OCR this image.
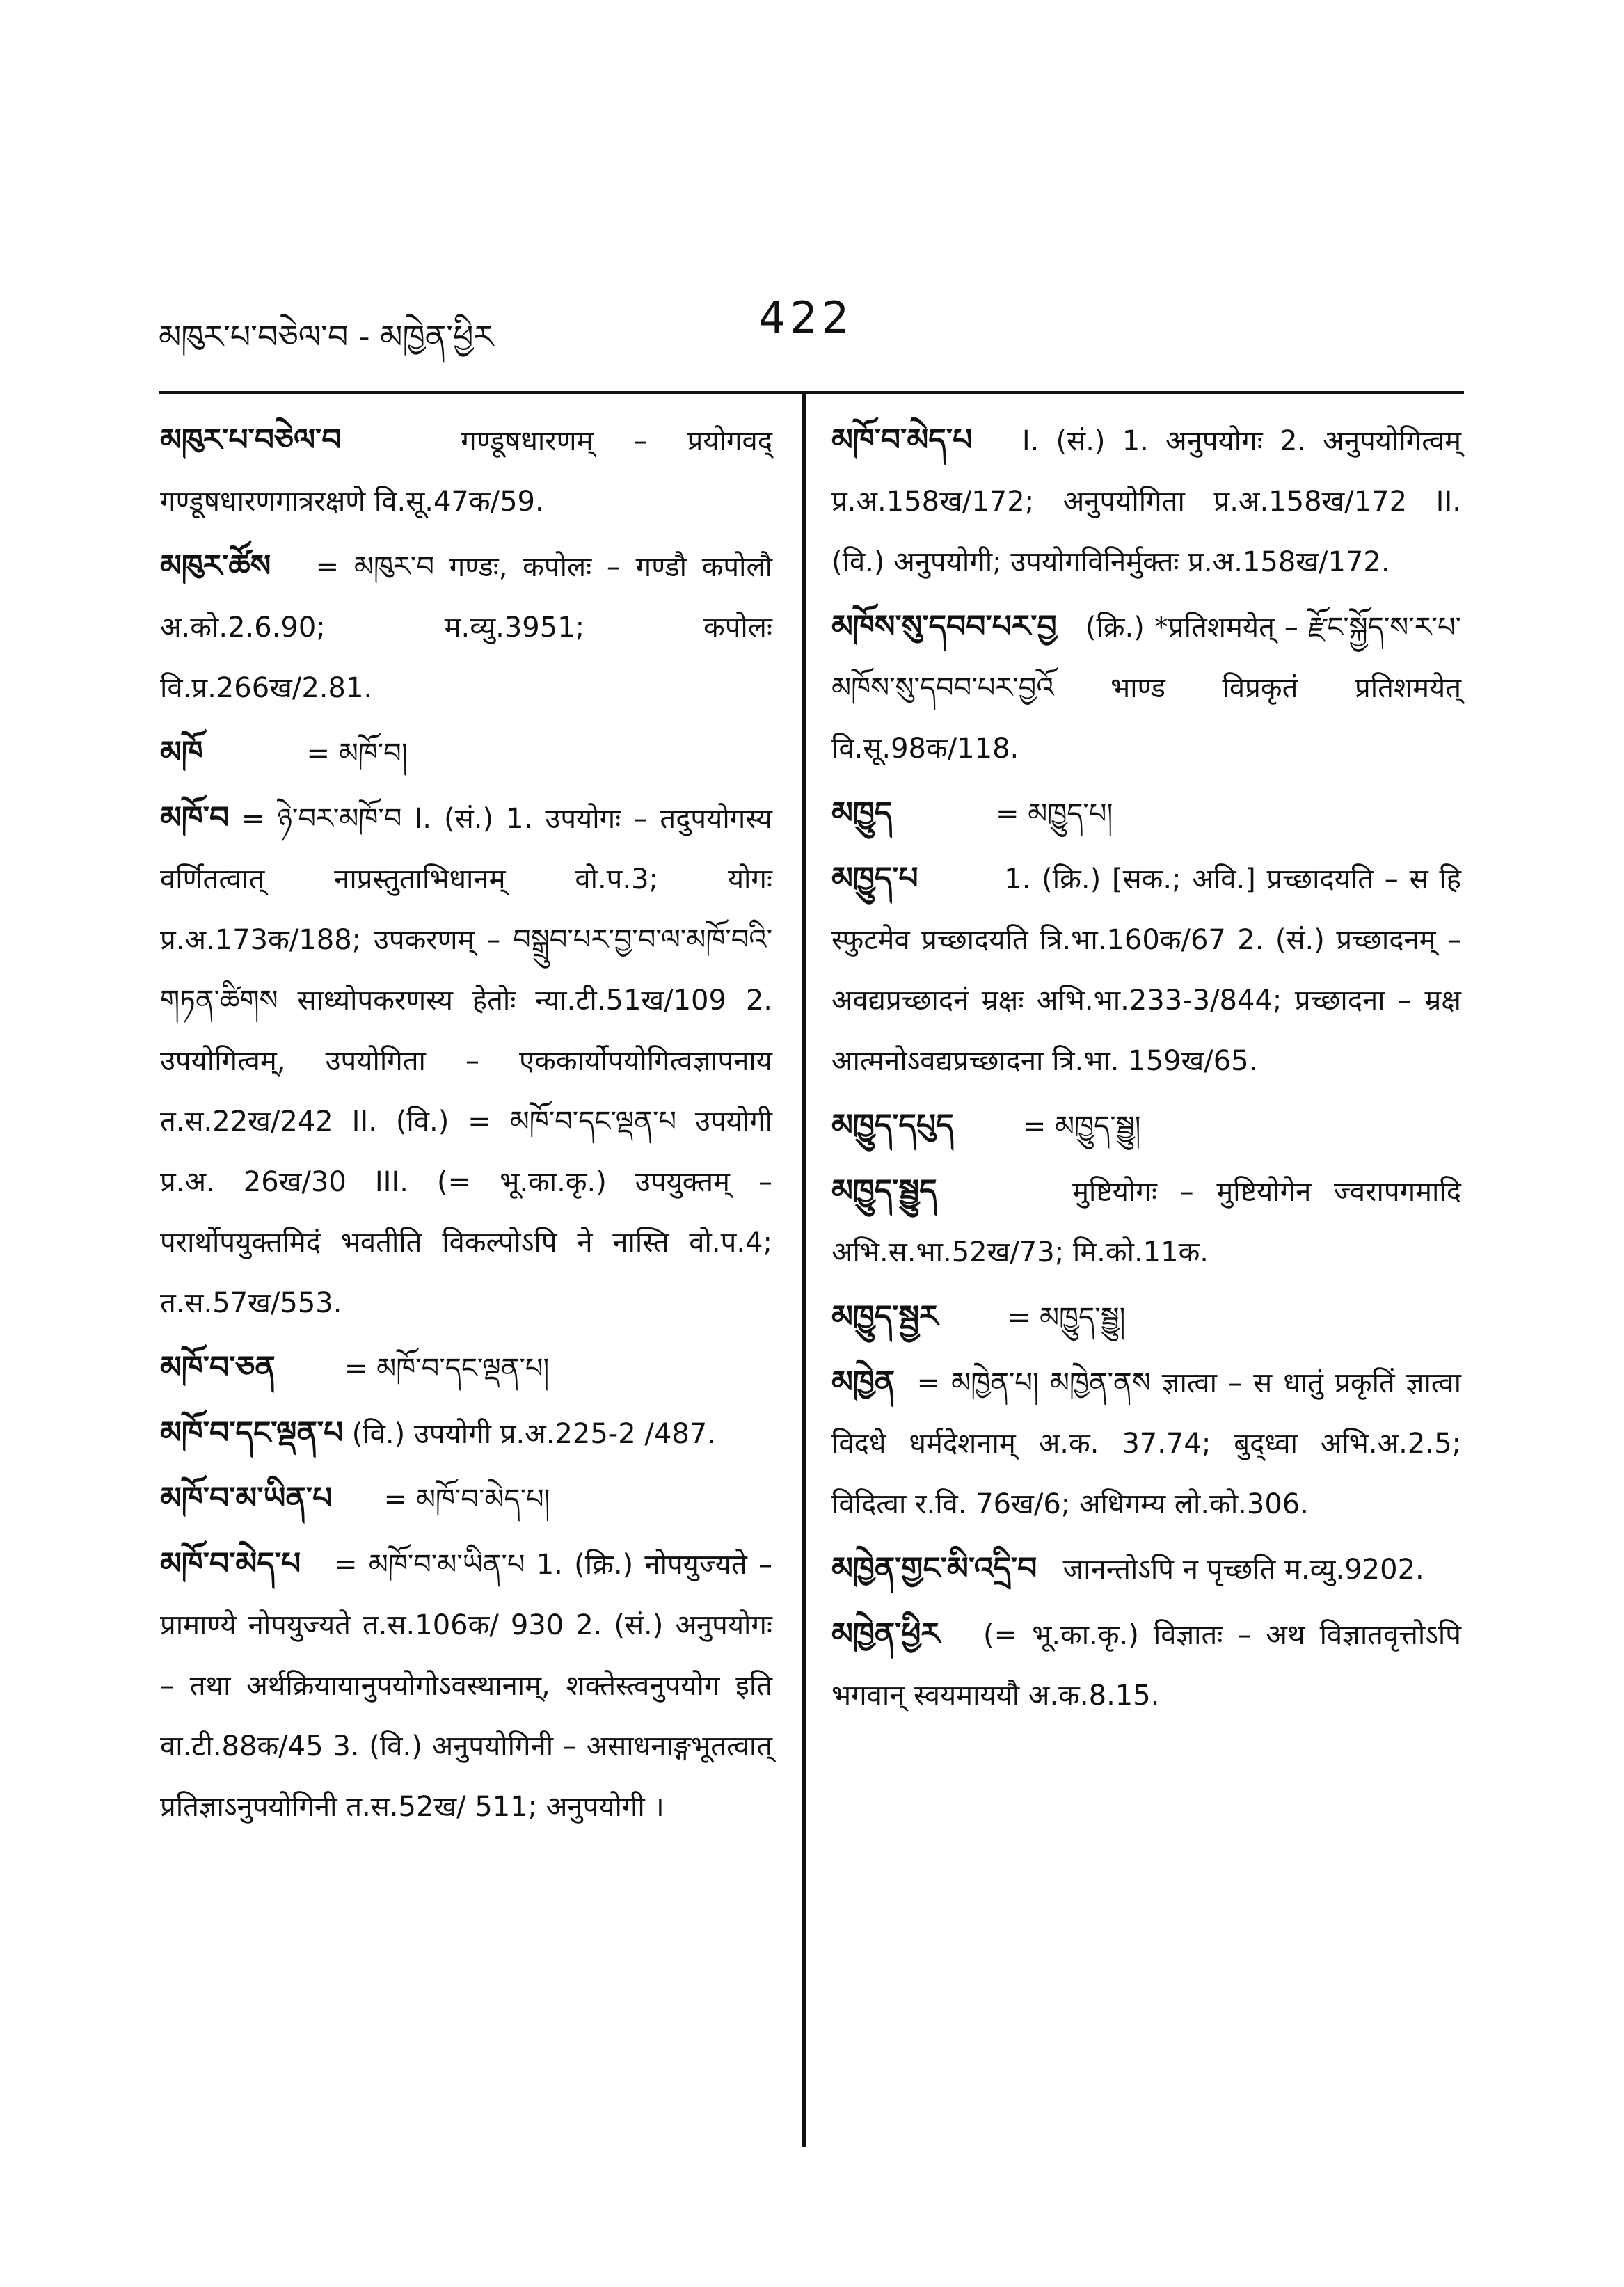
མཁུར་པ་བཅེལ་བ - མཁྱེན་ཕྱིར	422

མཁུར་པ་བཅེལ་བ	गण्डूषधारणम् – प्रयोगवद् गण्डूषधारणगात्ररक्षणे वि.सू.47क/59.

མཁུར་ཚོས = མཁུར་བ गण्डः, कपोलः – गण्डौ कपोलौ अ.को.2.6.90; म.व्यु.3951; कपोलः वि.प्र.266ख/2.81.

མཁོ	= མཁོ་བ།

མཁོ་བ = ཉེ་བར་མཁོ་བ I. (सं.) 1. उपयोगः – तदुपयोगस्य वर्णितत्वात् नाप्रस्तुताभिधानम् वो.प.3; योगः प्र.अ.173क/188; उपकरणम् – བསྒྲུབ་པར་བྱ་བ་ལ་མཁོ་བའི་གཏན་ཚིགས साध्योपकरणस्य हेतोः न्या.टी.51ख/109 2. उपयोगित्वम्, उपयोगिता – एककार्योपयोगित्वज्ञापनाय त.स.22ख/242 II. (वि.) = མཁོ་བ་དང་ལྡན་པ उपयोगी प्र.अ. 26ख/30 III. (= भू.का.कृ.) उपयुक्तम् – परार्थोपयुक्तमिदं भवतीति विकल्पोऽपि ने नास्ति वो.प.4; त.स.57ख/553.

མཁོ་བ་ཅན = མཁོ་བ་དང་ལྡན་པ།

མཁོ་བ་དང་ལྡན་པ (वि.) उपयोगी प्र.अ.225-2 /487.

མཁོ་བ་མ་ཡིན་པ = མཁོ་བ་མེད་པ།

མཁོ་བ་མེད་པ = མཁོ་བ་མ་ཡིན་པ 1. (क्रि.) नोपयुज्यते – प्रामाण्ये नोपयुज्यते त.स.106क/ 930 2. (सं.) अनुपयोगः – तथा अर्थक्रियायानुपयोगोऽवस्थानाम्, शक्तेस्त्वनुपयोग इति वा.टी.88क/45 3. (वि.) अनुपयोगिनी – असाधनाङ्गभूतत्वात् प्रतिज्ञाऽनुपयोगिनी त.स.52ख/ 511; अनुपयोगी ।

མཁོ་བ་མེད་པ I. (सं.) 1. अनुपयोगः 2. अनुपयोगित्वम् प्र.अ.158ख/172; अनुपयोगिता प्र.अ.158ख/172 II. (वि.) अनुपयोगी; उपयोगविनिर्मुक्तः प्र.अ.158ख/172.

མཁོས་སུ་དབབ་པར་བྱ (क्रि.) *प्रतिशमयेत् – རྫོང་སྐྱོད་ས་ར་པ་མཁོས་སུ་དབབ་པར་བྱའོ भाण्ड विप्रकृतं प्रतिशमयेत् वि.सू.98क/118.

མཁྱུད	= མཁྱུད་པ།

མཁྱུད་པ	1. (क्रि.) [सक.; अवि.] प्रच्छादयति – स हि स्फुटमेव प्रच्छादयति त्रि.भा.160क/67 2. (सं.) प्रच्छादनम् – अवद्यप्रच्छादनं म्रक्षः अभि.भा.233-3/844; प्रच्छादना – म्रक्ष आत्मनोऽवद्यप्रच्छादना त्रि.भा. 159ख/65.

མཁྱུད་དཔུད = མཁྱུད་སྦྱུ།

མཁྱུད་སྦྱུད	मुष्टियोगः – मुष्टियोगेन ज्वरापगमादि अभि.स.भा.52ख/73; मि.को.11क.

མཁྱུད་སྦྱར = མཁྱུད་སྦྱུ།

མཁྱེན = མཁྱེན་པ། མཁྱེན་ནས ज्ञात्वा – स धातुं प्रकृतिं ज्ञात्वा विदधे धर्मदेशनाम् अ.क. 37.74; बुद्ध्वा अभि.अ.2.5; विदित्वा र.वि. 76ख/6; अधिगम्य लो.को.306.

མཁྱེན་གྱང་མི་འདྲི་བ जानन्तोऽपि न पृच्छति म.व्यु.9202.

མཁྱེན་ཕྱིར (= भू.का.कृ.) विज्ञातः – अथ विज्ञातवृत्तोऽपि भगवान् स्वयमाययौ अ.क.8.15.
